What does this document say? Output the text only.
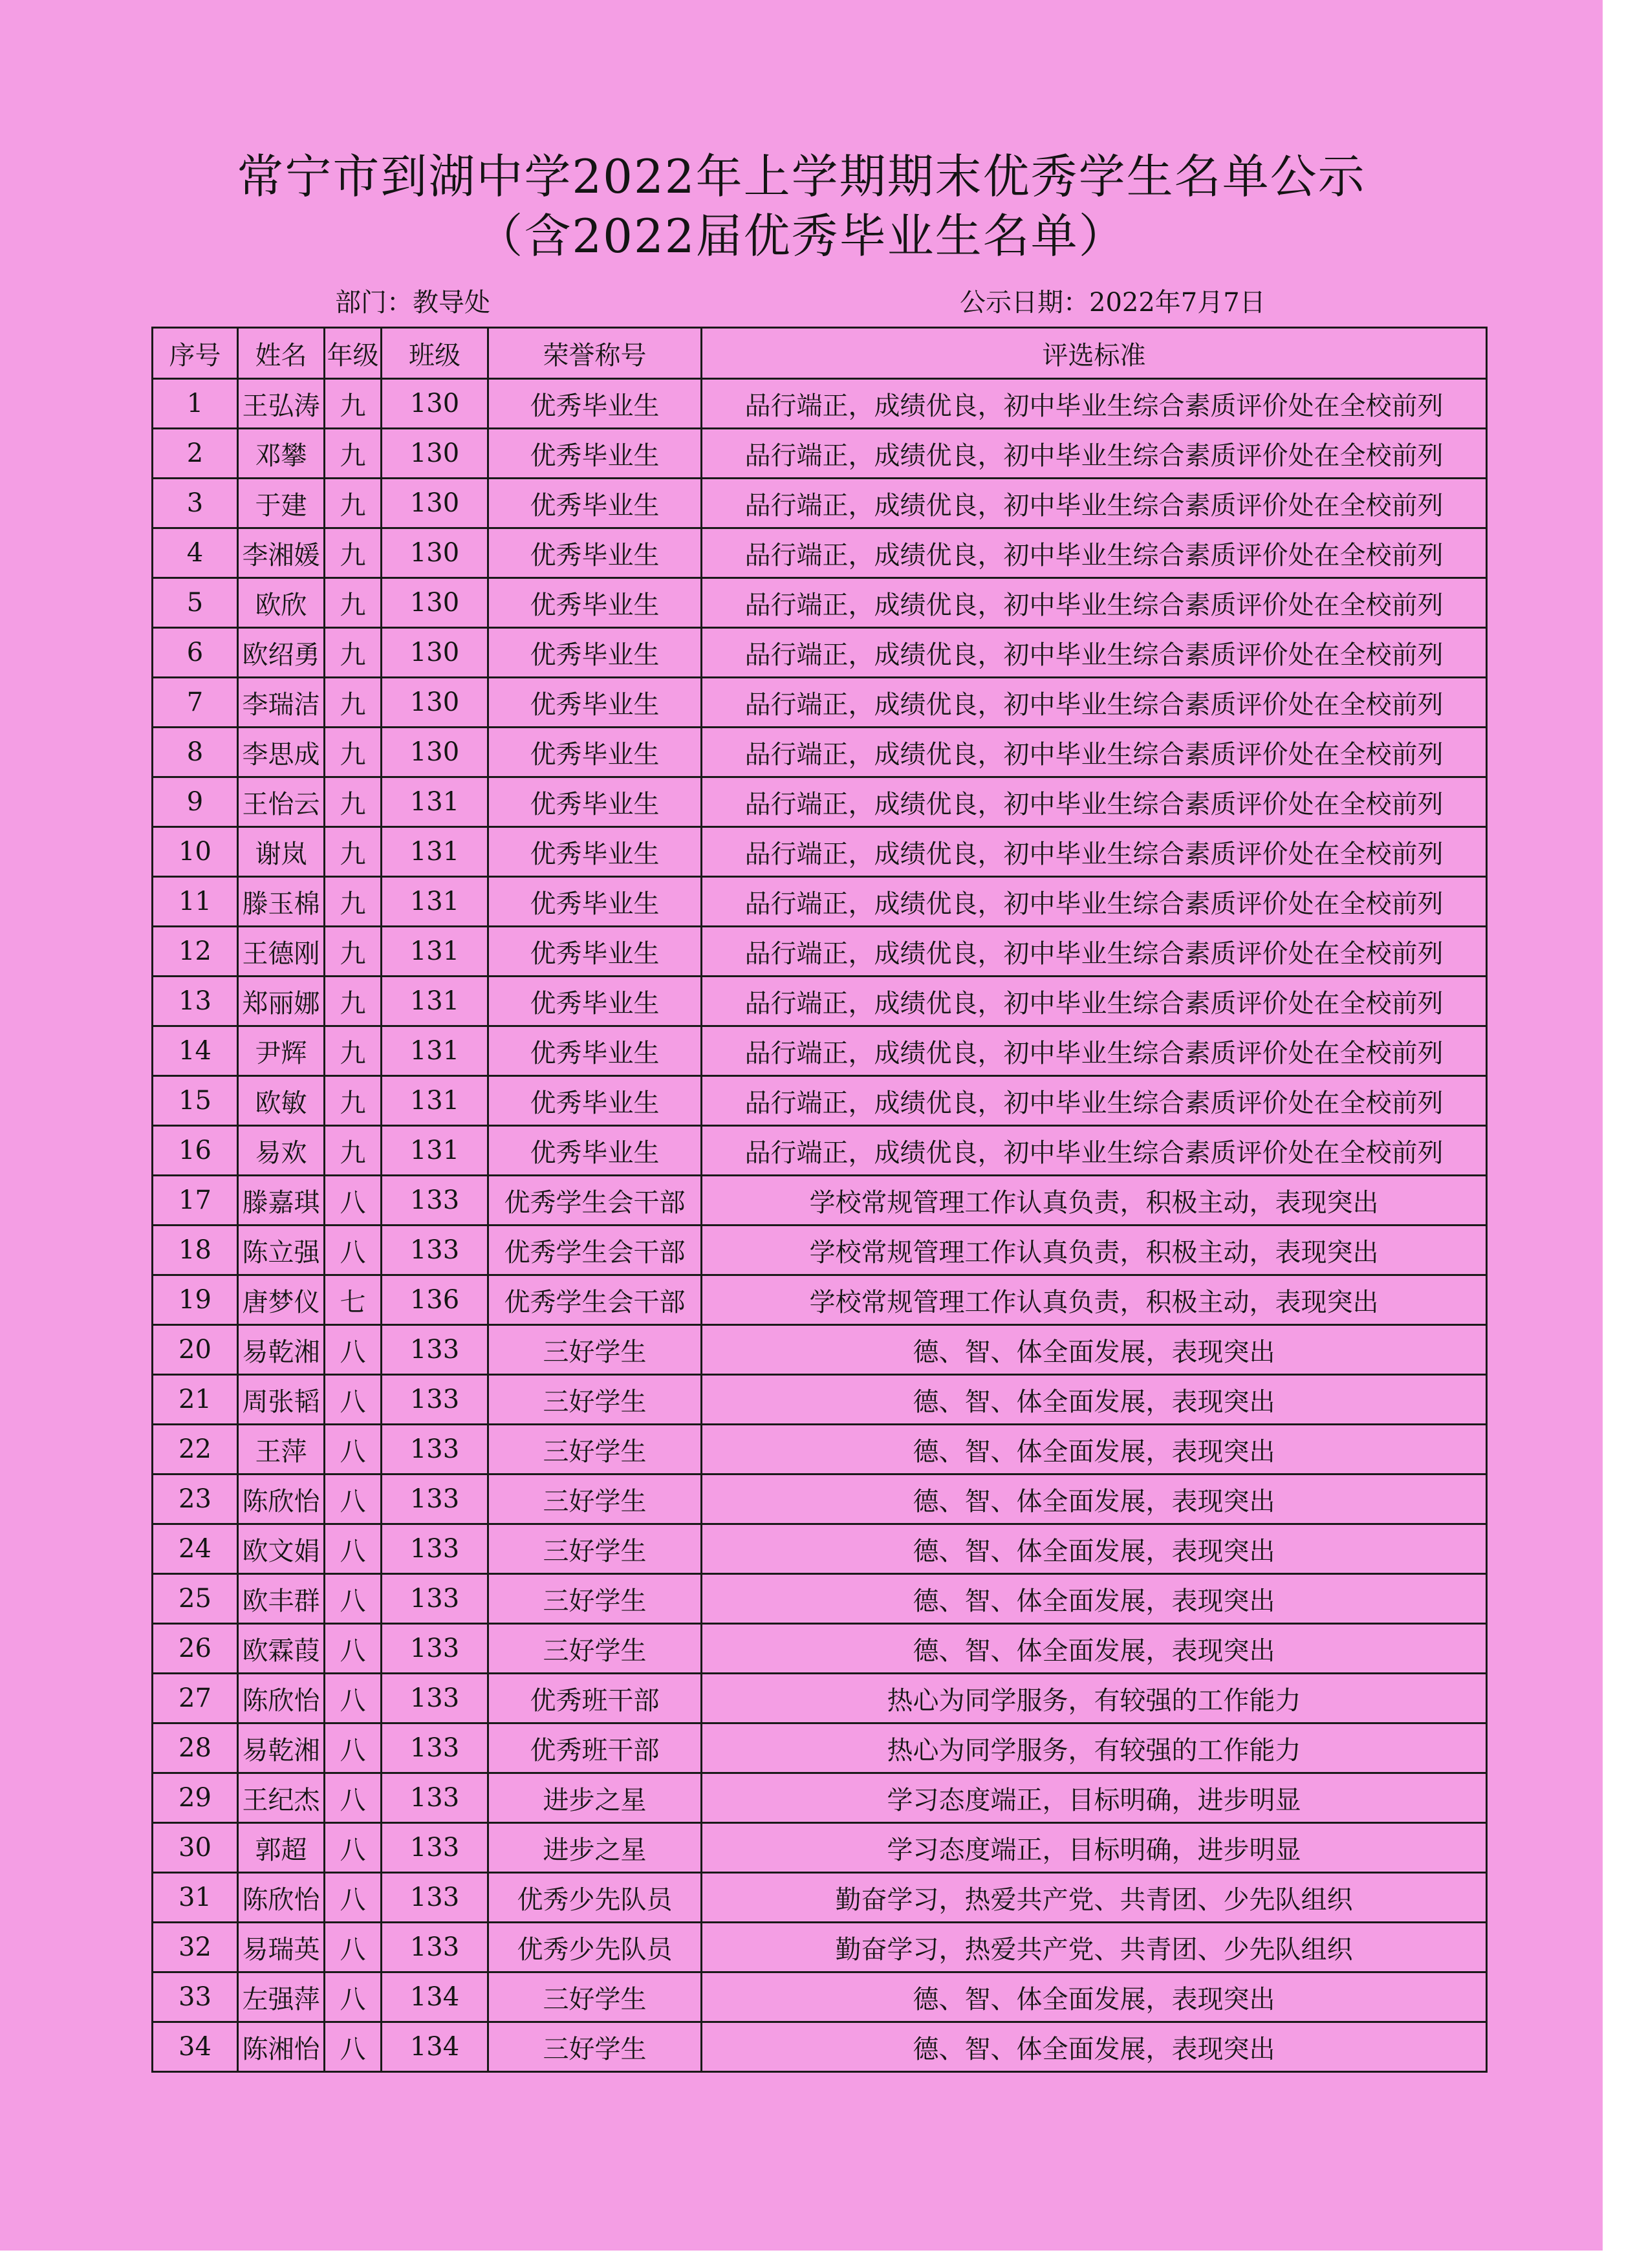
常宁市到湖中学2022年上学期期末优秀学生名单公示
（含2022届优秀毕业生名单）
部门：教导处	公示日期：2022年7月7日
序号	姓名	年级	班级	荣誉称号	评选标准
1	王弘涛	九	130	优秀毕业生	品行端正，成绩优良，初中毕业生综合素质评价处在全校前列
2	邓攀	九	130	优秀毕业生	品行端正，成绩优良，初中毕业生综合素质评价处在全校前列
3	于建	九	130	优秀毕业生	品行端正，成绩优良，初中毕业生综合素质评价处在全校前列
4	李湘媛	九	130	优秀毕业生	品行端正，成绩优良，初中毕业生综合素质评价处在全校前列
5	欧欣	九	130	优秀毕业生	品行端正，成绩优良，初中毕业生综合素质评价处在全校前列
6	欧绍勇	九	130	优秀毕业生	品行端正，成绩优良，初中毕业生综合素质评价处在全校前列
7	李瑞洁	九	130	优秀毕业生	品行端正，成绩优良，初中毕业生综合素质评价处在全校前列
8	李思成	九	130	优秀毕业生	品行端正，成绩优良，初中毕业生综合素质评价处在全校前列
9	王怡云	九	131	优秀毕业生	品行端正，成绩优良，初中毕业生综合素质评价处在全校前列
10	谢岚	九	131	优秀毕业生	品行端正，成绩优良，初中毕业生综合素质评价处在全校前列
11	滕玉棉	九	131	优秀毕业生	品行端正，成绩优良，初中毕业生综合素质评价处在全校前列
12	王德刚	九	131	优秀毕业生	品行端正，成绩优良，初中毕业生综合素质评价处在全校前列
13	郑丽娜	九	131	优秀毕业生	品行端正，成绩优良，初中毕业生综合素质评价处在全校前列
14	尹辉	九	131	优秀毕业生	品行端正，成绩优良，初中毕业生综合素质评价处在全校前列
15	欧敏	九	131	优秀毕业生	品行端正，成绩优良，初中毕业生综合素质评价处在全校前列
16	易欢	九	131	优秀毕业生	品行端正，成绩优良，初中毕业生综合素质评价处在全校前列
17	滕嘉琪	八	133	优秀学生会干部	学校常规管理工作认真负责，积极主动，表现突出
18	陈立强	八	133	优秀学生会干部	学校常规管理工作认真负责，积极主动，表现突出
19	唐梦仪	七	136	优秀学生会干部	学校常规管理工作认真负责，积极主动，表现突出
20	易乾湘	八	133	三好学生	德、智、体全面发展，表现突出
21	周张韬	八	133	三好学生	德、智、体全面发展，表现突出
22	王萍	八	133	三好学生	德、智、体全面发展，表现突出
23	陈欣怡	八	133	三好学生	德、智、体全面发展，表现突出
24	欧文娟	八	133	三好学生	德、智、体全面发展，表现突出
25	欧丰群	八	133	三好学生	德、智、体全面发展，表现突出
26	欧霖葭	八	133	三好学生	德、智、体全面发展，表现突出
27	陈欣怡	八	133	优秀班干部	热心为同学服务，有较强的工作能力
28	易乾湘	八	133	优秀班干部	热心为同学服务，有较强的工作能力
29	王纪杰	八	133	进步之星	学习态度端正，目标明确，进步明显
30	郭超	八	133	进步之星	学习态度端正，目标明确，进步明显
31	陈欣怡	八	133	优秀少先队员	勤奋学习，热爱共产党、共青团、少先队组织
32	易瑞英	八	133	优秀少先队员	勤奋学习，热爱共产党、共青团、少先队组织
33	左强萍	八	134	三好学生	德、智、体全面发展，表现突出
34	陈湘怡	八	134	三好学生	德、智、体全面发展，表现突出
